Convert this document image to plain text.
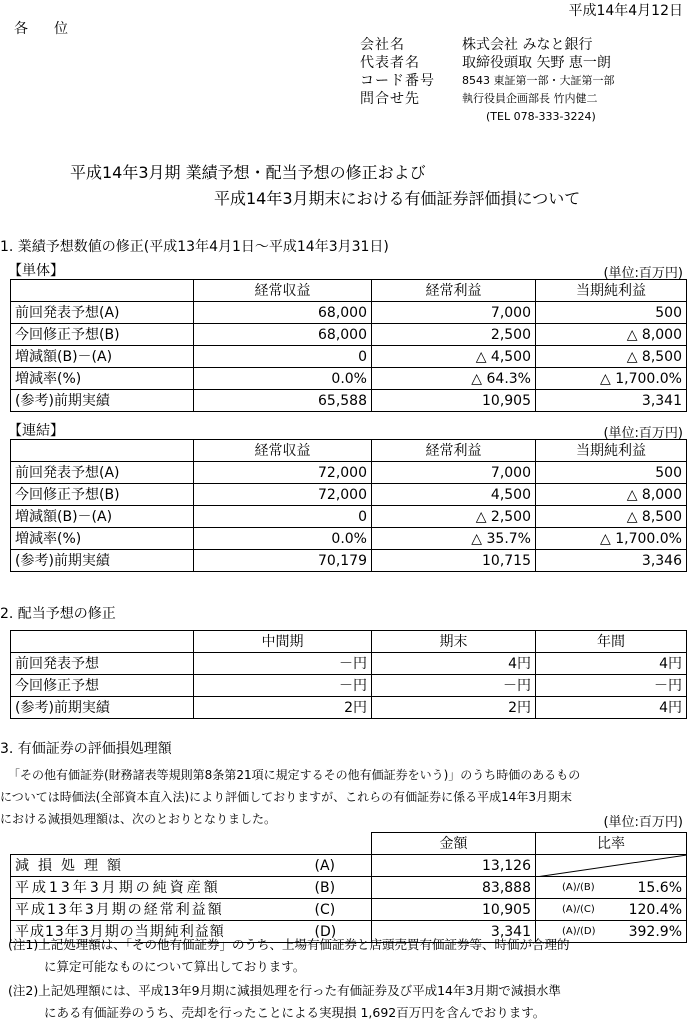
平成14年4月12日
各位
会社名	株式会社 みなと銀行
代表者名	取締役頭取 矢野 恵一朗
コード番号	8543 東証第一部・大証第一部
問合せ先	執行役員企画部長 竹内健二
(TEL 078-333-3224)
平成14年3月期 業績予想・配当予想の修正および
平成14年3月期末における有価証券評価損について
1. 業績予想数値の修正(平成13年4月1日～平成14年3月31日)
【単体】	(単位:百万円)
	経常収益	経常利益	当期純利益
前回発表予想(A)	68,000	7,000	500
今回修正予想(B)	68,000	2,500	△ 8,000
増減額(B)－(A)	0	△ 4,500	△ 8,500
増減率(%)	0.0%	△ 64.3%	△ 1,700.0%
(参考)前期実績	65,588	10,905	3,341
【連結】	(単位:百万円)
	経常収益	経常利益	当期純利益
前回発表予想(A)	72,000	7,000	500
今回修正予想(B)	72,000	4,500	△ 8,000
増減額(B)－(A)	0	△ 2,500	△ 8,500
増減率(%)	0.0%	△ 35.7%	△ 1,700.0%
(参考)前期実績	70,179	10,715	3,346
2. 配当予想の修正
	中間期	期末	年間
前回発表予想	－円	4円	4円
今回修正予想	－円	－円	－円
(参考)前期実績	2円	2円	4円
3. 有価証券の評価損処理額
「その他有価証券(財務諸表等規則第8条第21項に規定するその他有価証券をいう)」のうち時価のあるもの
については時価法(全部資本直入法)により評価しておりますが、これらの有価証券に係る平成14年3月期末
における減損処理額は、次のとおりとなりました。	(単位:百万円)
		金額	比率
減損処理額	(A)	13,126	

平成13年3月期の純資産額	(B)	83,888	(A)/(B) 15.6%
平成13年3月期の経常利益額	(C)	10,905	(A)/(C) 120.4%
平成13年3月期の当期純利益額	(D)	3,341	(A)/(D) 392.9%
(注1)上記処理額は、「その他有価証券」のうち、上場有価証券と店頭売買有価証券等、時価が合理的
に算定可能なものについて算出しております。
(注2)上記処理額には、平成13年9月期に減損処理を行った有価証券及び平成14年3月期で減損水準
にある有価証券のうち、売却を行ったことによる実現損 1,692百万円を含んでおります。
